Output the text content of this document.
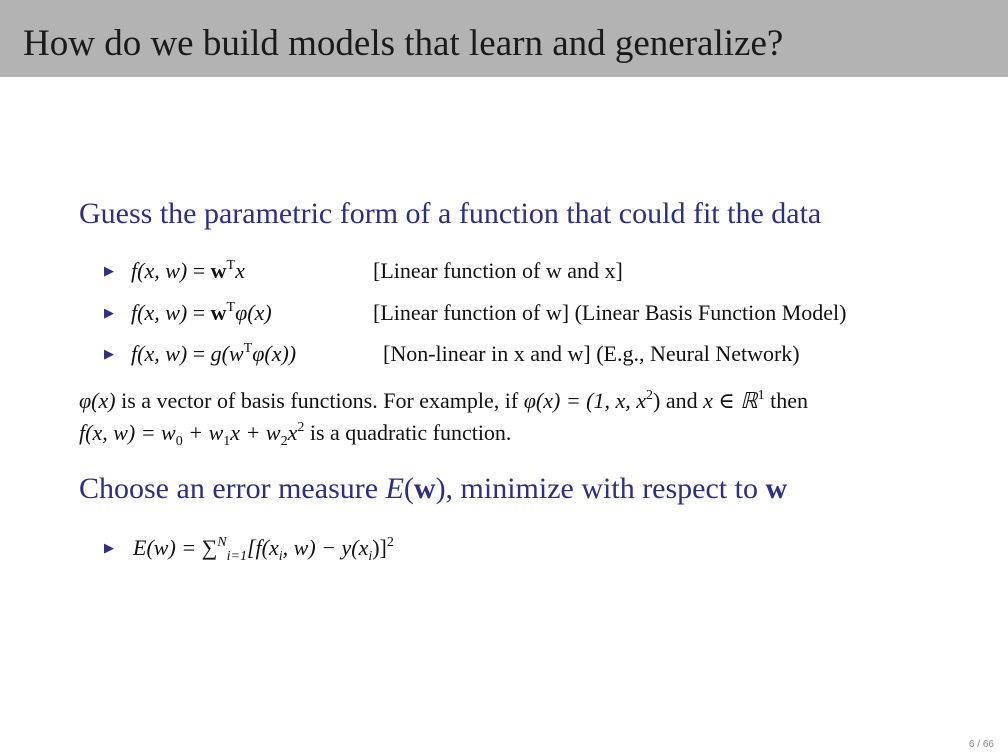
How do we build models that learn and generalize?
Guess the parametric form of a function that could fit the data
▶ f(x, $w) = w^Tx$	[Linear function of w and x]
▶ f(x, $w) = w^T\varphi(x)$	[Linear function of w] (Linear Basis Function Model)
▶ f(x, $w) = g(w^T\varphi(x))$	[Non-linear in x and w] (E.g., Neural Network)
φ(x) is a vector of basis functions. For example, if φ(x) = (1, x, $x^2$) and x ∈ ℝ$^1$ then
f(x, $w) = w_0 + w_1x + w_2x^2$ is a quadratic function.
Choose an error measure E(w), minimize with respect to w
▶ $E(w) = \sum^N_{i=1}[f(x_i$, $w) - y(x_i)]^2$
6 / 66
